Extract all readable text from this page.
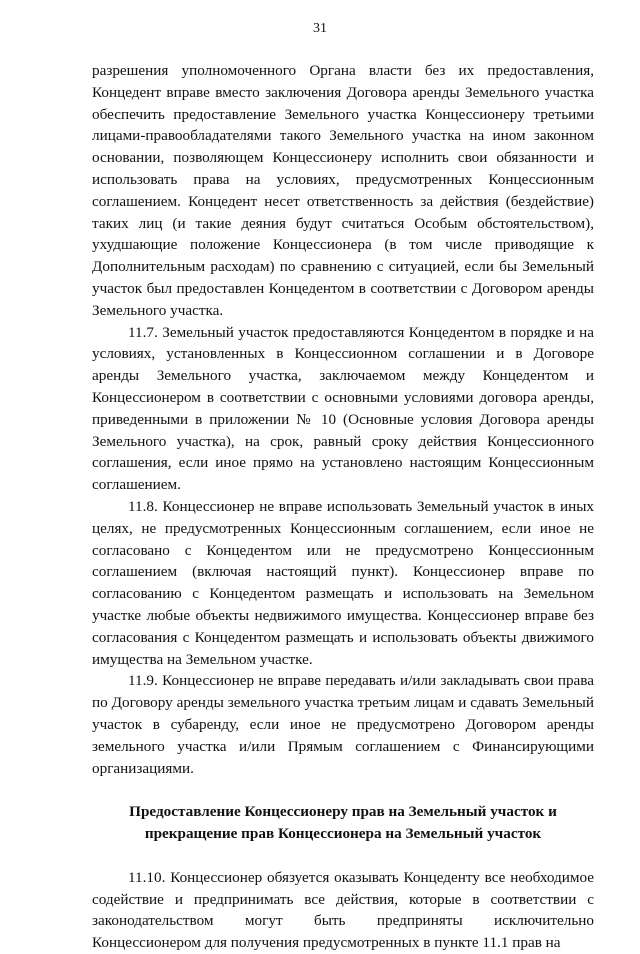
31

разрешения уполномоченного Органа власти без их предоставления, Концедент вправе вместо заключения Договора аренды Земельного участка обеспечить предоставление Земельного участка Концессионеру третьими лицами-правообладателями такого Земельного участка на ином законном основании, позволяющем Концессионеру исполнить свои обязанности и использовать права на условиях, предусмотренных Концессионным соглашением. Концедент несет ответственность за действия (бездействие) таких лиц (и такие деяния будут считаться Особым обстоятельством), ухудшающие положение Концессионера (в том числе приводящие к Дополнительным расходам) по сравнению с ситуацией, если бы Земельный участок был предоставлен Концедентом в соответствии с Договором аренды Земельного участка.

11.7. Земельный участок предоставляются Концедентом в порядке и на условиях, установленных в Концессионном соглашении и в Договоре аренды Земельного участка, заключаемом между Концедентом и Концессионером в соответствии с основными условиями договора аренды, приведенными в приложении № 10 (Основные условия Договора аренды Земельного участка), на срок, равный сроку действия Концессионного соглашения, если иное прямо на установлено настоящим Концессионным соглашением.

11.8. Концессионер не вправе использовать Земельный участок в иных целях, не предусмотренных Концессионным соглашением, если иное не согласовано с Концедентом или не предусмотрено Концессионным соглашением (включая настоящий пункт). Концессионер вправе по согласованию с Концедентом размещать и использовать на Земельном участке любые объекты недвижимого имущества. Концессионер вправе без согласования с Концедентом размещать и использовать объекты движимого имущества на Земельном участке.

11.9. Концессионер не вправе передавать и/или закладывать свои права по Договору аренды земельного участка третьим лицам и сдавать Земельный участок в субаренду, если иное не предусмотрено Договором аренды земельного участка и/или Прямым соглашением с Финансирующими организациями.

Предоставление Концессионеру прав на Земельный участок и
прекращение прав Концессионера на Земельный участок

11.10. Концессионер обязуется оказывать Концеденту все необходимое содействие и предпринимать все действия, которые в соответствии с законодательством могут быть предприняты исключительно Концессионером для получения предусмотренных в пункте 11.1 прав на
